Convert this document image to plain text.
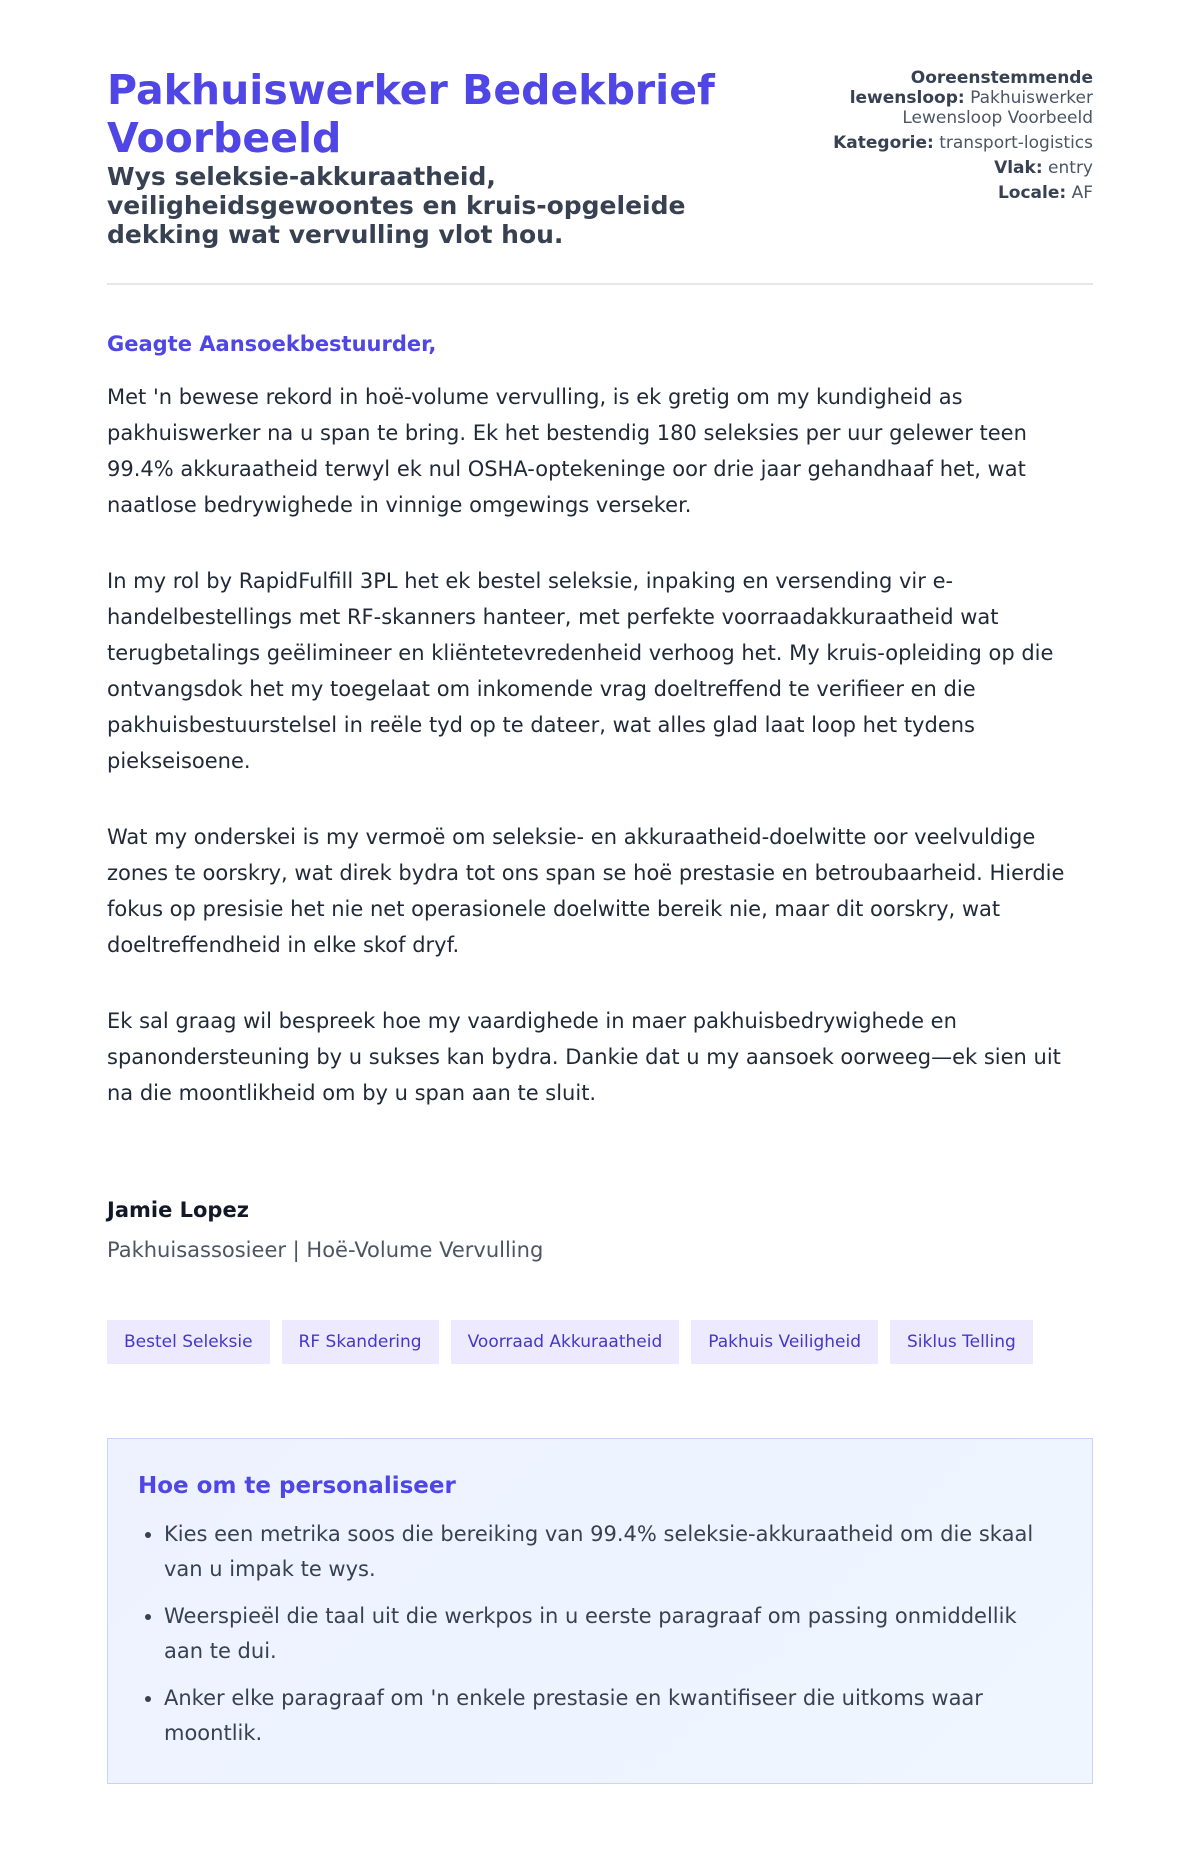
Pakhuiswerker Bedekbrief Voorbeeld
Wys seleksie-akkuraatheid, veiligheidsgewoontes en kruis-opgeleide dekking wat vervulling vlot hou.
Ooreenstemmende lewensloop: Pakhuiswerker Lewensloop Voorbeeld
Kategorie: transport-logistics
Vlak: entry
Locale: AF

Geagte Aansoekbestuurder,

Met 'n bewese rekord in hoë-volume vervulling, is ek gretig om my kundigheid as pakhuiswerker na u span te bring. Ek het bestendig 180 seleksies per uur gelewer teen 99.4% akkuraatheid terwyl ek nul OSHA-optekeninge oor drie jaar gehandhaaf het, wat naatlose bedrywighede in vinnige omgewings verseker.

In my rol by RapidFulfill 3PL het ek bestel seleksie, inpaking en versending vir e-handelbestellings met RF-skanners hanteer, met perfekte voorraadakkuraatheid wat terugbetalings geëlimineer en kliëntetevredenheid verhoog het. My kruis-opleiding op die ontvangsdok het my toegelaat om inkomende vrag doeltreffend te verifieer en die pakhuisbestuurstelsel in reële tyd op te dateer, wat alles glad laat loop het tydens piekseisoene.

Wat my onderskei is my vermoë om seleksie- en akkuraatheid-doelwitte oor veelvuldige zones te oorskry, wat direk bydra tot ons span se hoë prestasie en betroubaarheid. Hierdie fokus op presisie het nie net operasionele doelwitte bereik nie, maar dit oorskry, wat doeltreffendheid in elke skof dryf.

Ek sal graag wil bespreek hoe my vaardighede in maer pakhuisbedrywighede en spanondersteuning by u sukses kan bydra. Dankie dat u my aansoek oorweeg—ek sien uit na die moontlikheid om by u span aan te sluit.

Jamie Lopez

Pakhuisassosieer | Hoë-Volume Vervulling

Bestel Seleksie	RF Skandering	Voorraad Akkuraatheid	Pakhuis Veiligheid	Siklus Telling
Hoe om te personaliseer
• Kies een metrika soos die bereiking van 99.4% seleksie-akkuraatheid om die skaal van u impak te wys.
• Weerspieël die taal uit die werkpos in u eerste paragraaf om passing onmiddellik aan te dui.
• Anker elke paragraaf om 'n enkele prestasie en kwantifiseer die uitkoms waar moontlik.
